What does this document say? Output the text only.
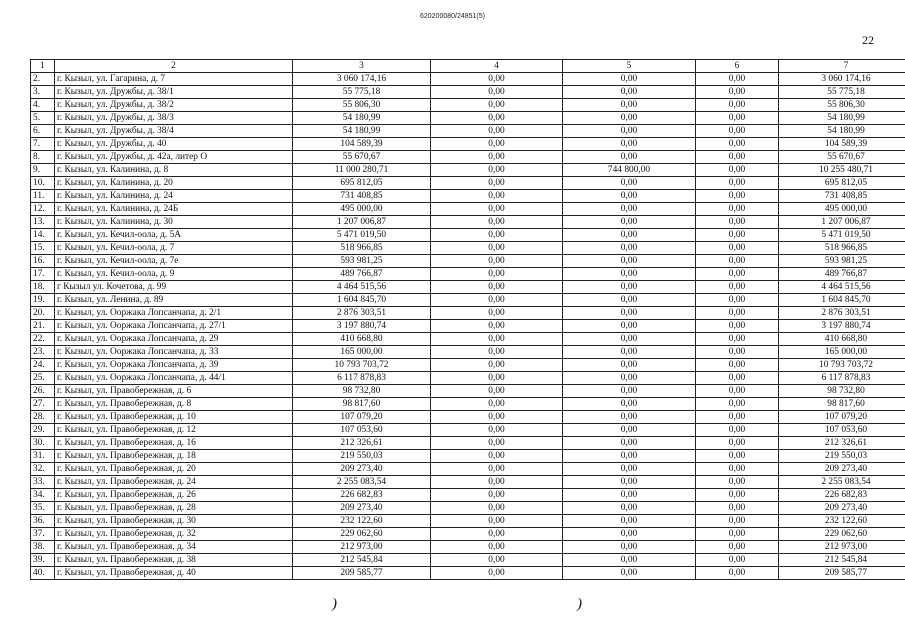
620200080/24851(5)
22
1	2	3	4	5	6	7
2.	г. Кызыл, ул. Гагарина, д. 7	3 060 174,16	0,00	0,00	0,00	3 060 174,16
3.	г. Кызыл, ул. Дружбы, д. 38/1	55 775,18	0,00	0,00	0,00	55 775,18
4.	г. Кызыл, ул. Дружбы, д. 38/2	55 806,30	0,00	0,00	0,00	55 806,30
5.	г. Кызыл, ул. Дружбы, д. 38/3	54 180,99	0,00	0,00	0,00	54 180,99
6.	г. Кызыл, ул. Дружбы, д. 38/4	54 180,99	0,00	0,00	0,00	54 180,99
7.	г. Кызыл, ул. Дружбы, д. 40	104 589,39	0,00	0,00	0,00	104 589,39
8.	г. Кызыл, ул. Дружбы, д. 42а, литер О	55 670,67	0,00	0,00	0,00	55 670,67
9.	г. Кызыл, ул. Калинина, д. 8	11 000 280,71	0,00	744 800,00	0,00	10 255 480,71
10.	г. Кызыл, ул. Калинина, д. 20	695 812,05	0,00	0,00	0,00	695 812,05
11.	г. Кызыл, ул. Калинина, д. 24	731 408,85	0,00	0,00	0,00	731 408,85
12.	г. Кызыл, ул. Калинина, д. 24Б	495 000,00	0,00	0,00	0,00	495 000,00
13.	г. Кызыл, ул. Калинина, д. 30	1 207 006,87	0,00	0,00	0,00	1 207 006,87
14.	г. Кызыл, ул. Кечил-оола, д. 5А	5 471 019,50	0,00	0,00	0,00	5 471 019,50
15.	г. Кызыл, ул. Кечил-оола, д. 7	518 966,85	0,00	0,00	0,00	518 966,85
16.	г. Кызыл, ул. Кечил-оола, д. 7е	593 981,25	0,00	0,00	0,00	593 981,25
17.	г. Кызыл, ул. Кечил-оола, д. 9	489 766,87	0,00	0,00	0,00	489 766,87
18.	г Кызыл ул. Кочетова, д. 99	4 464 515,56	0,00	0,00	0,00	4 464 515,56
19.	г. Кызыл, ул. Ленина, д. 89	1 604 845,70	0,00	0,00	0,00	1 604 845,70
20.	г. Кызыл, ул. Ооржака Лопсанчапа, д. 2/1	2 876 303,51	0,00	0,00	0,00	2 876 303,51
21.	г. Кызыл, ул. Ооржака Лопсанчапа, д. 27/1	3 197 880,74	0,00	0,00	0,00	3 197 880,74
22.	г. Кызыл, ул. Ооржака Лопсанчапа, д. 29	410 668,80	0,00	0,00	0,00	410 668,80
23.	г. Кызыл, ул. Ооржака Лопсанчапа, д. 33	165 000,00	0,00	0,00	0,00	165 000,00
24.	г. Кызыл, ул. Ооржака Лопсанчапа, д. 39	10 793 703,72	0,00	0,00	0,00	10 793 703,72
25.	г. Кызыл, ул. Ооржака Лопсанчапа, д. 44/1	6 117 878,83	0,00	0,00	0,00	6 117 878,83
26.	г. Кызыл, ул. Правобережная, д. 6	98 732,80	0,00	0,00	0,00	98 732,80
27.	г. Кызыл, ул. Правобережная, д. 8	98 817,60	0,00	0,00	0,00	98 817,60
28.	г. Кызыл, ул. Правобережная, д. 10	107 079,20	0,00	0,00	0,00	107 079,20
29.	г. Кызыл, ул. Правобережная, д. 12	107 053,60	0,00	0,00	0,00	107 053,60
30.	г. Кызыл, ул. Правобережная, д. 16	212 326,61	0,00	0,00	0,00	212 326,61
31.	г. Кызыл, ул. Правобережная, д. 18	219 550,03	0,00	0,00	0,00	219 550,03
32.	г. Кызыл, ул. Правобережная, д. 20	209 273,40	0,00	0,00	0,00	209 273,40
33.	г. Кызыл, ул. Правобережная, д. 24	2 255 083,54	0,00	0,00	0,00	2 255 083,54
34.	г. Кызыл, ул. Правобережная, д. 26	226 682,83	0,00	0,00	0,00	226 682,83
35.	г. Кызыл, ул. Правобережная, д. 28	209 273,40	0,00	0,00	0,00	209 273,40
36.	г. Кызыл, ул. Правобережная, д. 30	232 122,60	0,00	0,00	0,00	232 122,60
37.	г. Кызыл, ул. Правобережная, д. 32	229 062,60	0,00	0,00	0,00	229 062,60
38.	г. Кызыл, ул. Правобережная, д. 34	212 973,00	0,00	0,00	0,00	212 973,00
39.	г. Кызыл, ул. Правобережная, д. 38	212 545,84	0,00	0,00	0,00	212 545,84
40.	г. Кызыл, ул. Правобережная, д. 40	209 585,77	0,00	0,00	0,00	209 585,77
)	)
